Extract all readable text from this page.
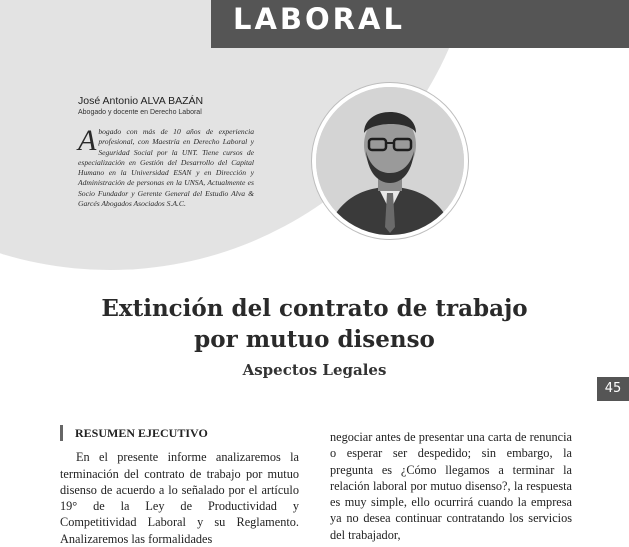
LABORAL
José Antonio ALVA BAZÁN
Abogado y docente en Derecho Laboral
Abogado con más de 10 años de experiencia profesional, con Maestría en Derecho Laboral y Seguridad Social por la UNT. Tiene cursos de especialización en Gestión del Desarrollo del Capital Humano en la Universidad ESAN y en Dirección y Administración de personas en la UNSA, Actualmente es Socio Fundador y Gerente General del Estudio Alva & Garcés Abogados Asociados S.A.C.
Extinción del contrato de trabajo
por mutuo disenso
Aspectos Legales
45
RESUMEN EJECUTIVO
En el presente informe analizaremos la terminación del contrato de trabajo por mutuo disenso de acuerdo a lo señalado por el artículo 19° de la Ley de Productividad y Competitividad Laboral y su Reglamento. Analizaremos las formalidades
negociar antes de presentar una carta de renuncia o esperar ser despedido; sin embargo, la pregunta es ¿Cómo llegamos a terminar la relación laboral por mutuo disenso?, la respuesta es muy simple, ello ocurrirá cuando la empresa ya no desea continuar contratando los servicios del trabajador,
